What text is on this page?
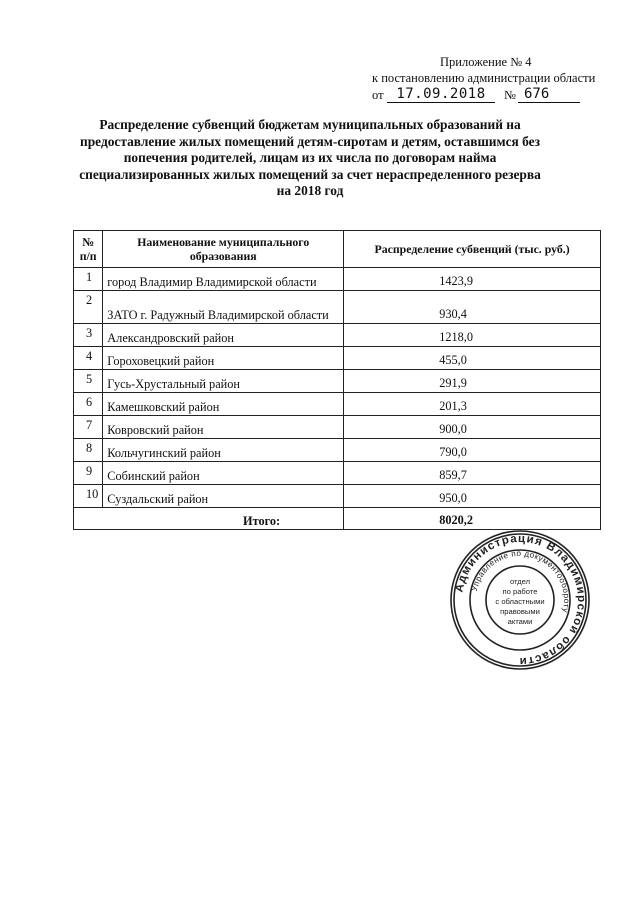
Приложение № 4
к постановлению администрации области
от 17.09.2018	№ 676
Распределение субвенций бюджетам муниципальных образований на
предоставление жилых помещений детям-сиротам и детям, оставшимся без
попечения родителей, лицам из их числа по договорам найма
специализированных жилых помещений за счет нераспределенного резерва
на 2018 год
№ п/п	Наименование муниципального образования	Распределение субвенций (тыс. руб.)
1	город Владимир Владимирской области	1423,9
2	ЗАТО г. Радужный Владимирской области	930,4
3	Александровский район	1218,0
4	Гороховецкий район	455,0
5	Гусь-Хрустальный район	291,9
6	Камешковский район	201,3
7	Ковровский район	900,0
8	Кольчугинский район	790,0
9	Собинский район	859,7
10	Суздальский район	950,0
Итого:		8020,2
Администрация Владимирской области
Управление по документообороту
отдел
по работе
с областными
правовыми
актами
